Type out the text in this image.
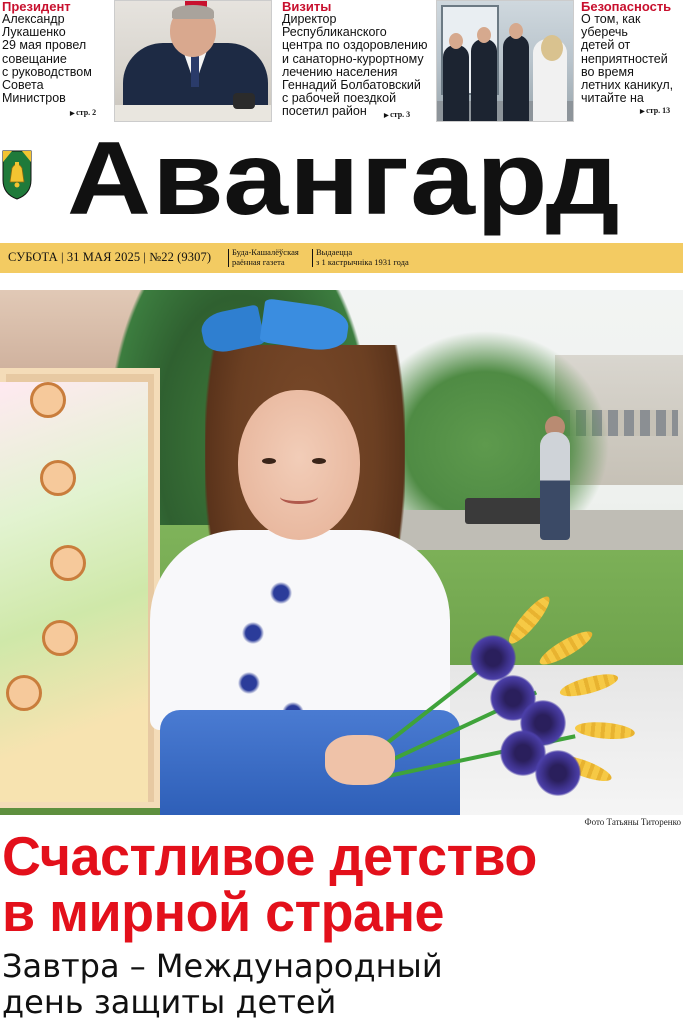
Президент
Александр
Лукашенко
29 мая провел
совещание
с руководством
Совета
Министров
▶ стр. 2
Визиты
Директор
Республиканского
центра по оздоровлению
и санаторно-курортному
лечению населения
Геннадий Болбатовский
с рабочей поездкой
посетил район
▶	стр. 3
Безопасность
О том, как
уберечь
детей от
неприятностей
во время
летних каникул,
читайте на
▶ стр. 13
Авангард
СУБОТА | 31 МАЯ 2025 | №22 (9307) Буда-Кашалёўская
раённая газета
Выдаецца
з 1 кастрычніка 1931 года
Фото Татьяны Титоренко
Счастливое детство
в мирной стране
Завтра – Международный
день защиты детей
